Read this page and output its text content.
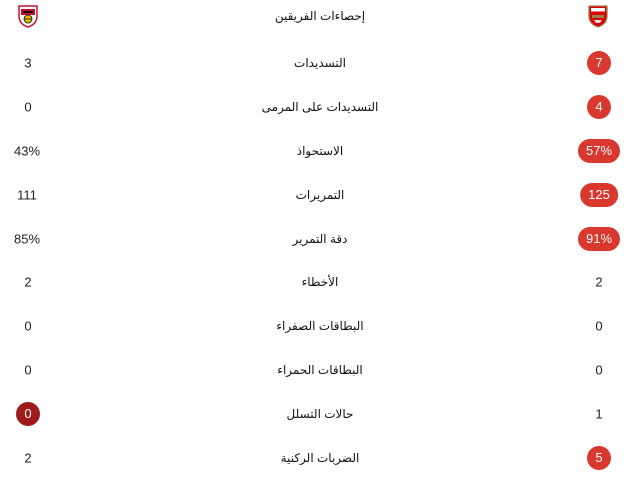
إحصاءات الفريقين
3	التسديدات	7
0	التسديدات على المرمى	4
43%	الاستحواذ	57%
111	التمريرات	125
85%	دقة التمرير	91%
2	الأخطاء	2
0	البطاقات الصفراء	0
0	البطاقات الحمراء	0
0	حالات التسلل	1
2	الضربات الركنية	5
